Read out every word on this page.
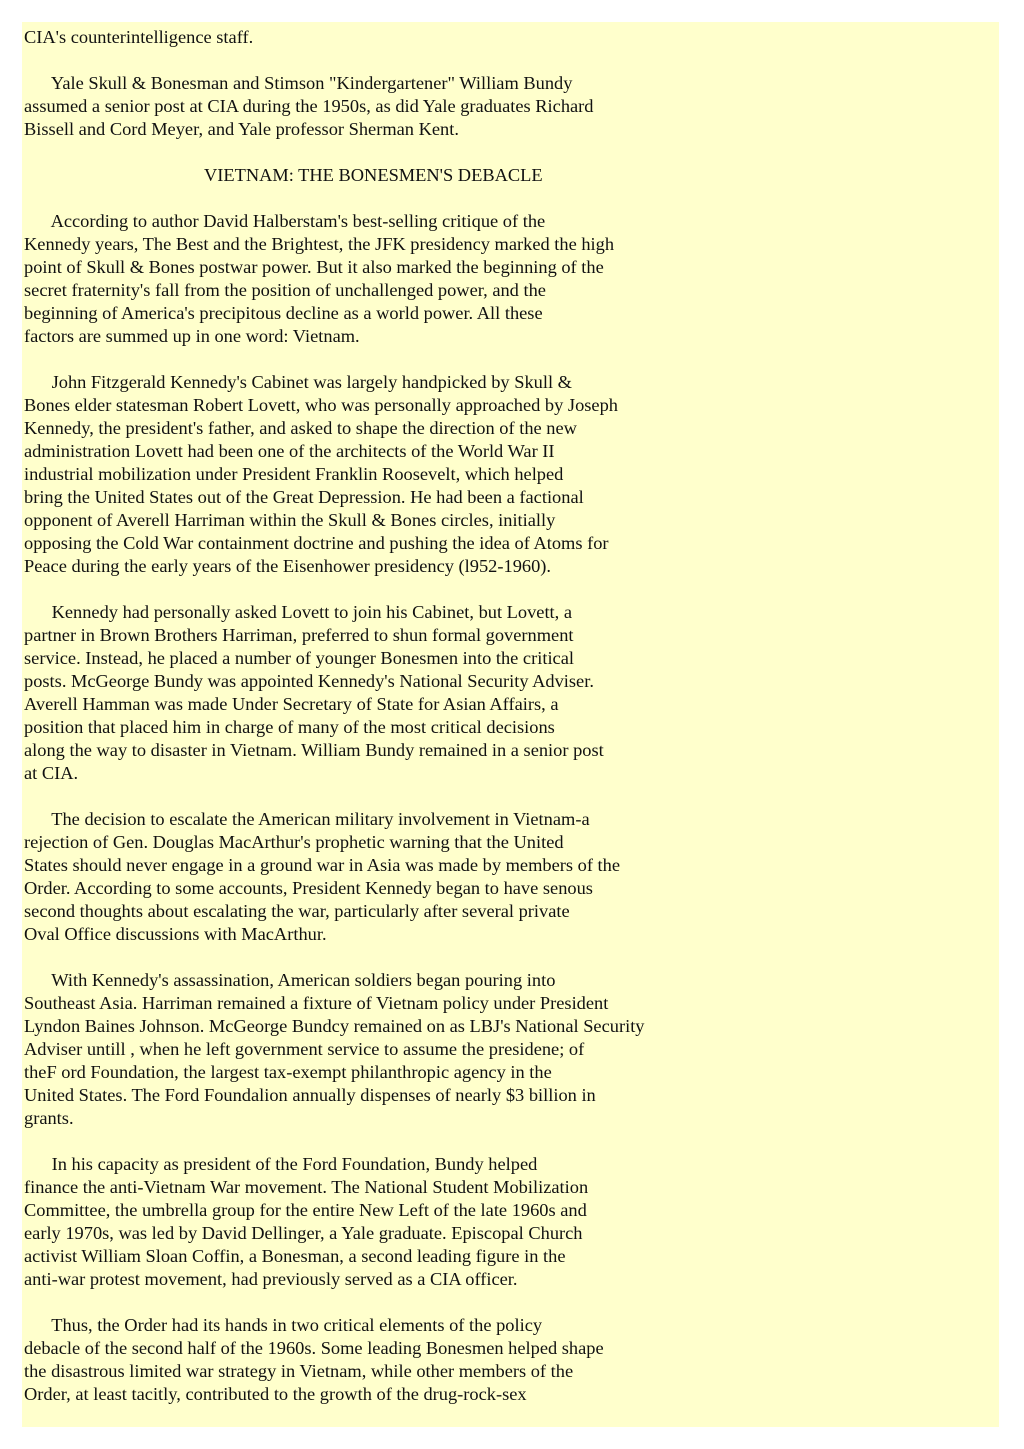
CIA's counterintelligence staff.
Yale Skull & Bonesman and Stimson "Kindergartener" William Bundy
assumed a senior post at CIA during the 1950s, as did Yale graduates Richard
Bissell and Cord Meyer, and Yale professor Sherman Kent.
VIETNAM: THE BONESMEN'S DEBACLE
According to author David Halberstam's best-selling critique of the
Kennedy years, The Best and the Brightest, the JFK presidency marked the high
point of Skull & Bones postwar power. But it also marked the beginning of the
secret fraternity's fall from the position of unchallenged power, and the
beginning of America's precipitous decline as a world power. All these
factors are summed up in one word: Vietnam.
John Fitzgerald Kennedy's Cabinet was largely handpicked by Skull &
Bones elder statesman Robert Lovett, who was personally approached by Joseph
Kennedy, the president's father, and asked to shape the direction of the new
administration Lovett had been one of the architects of the World War II
industrial mobilization under President Franklin Roosevelt, which helped
bring the United States out of the Great Depression. He had been a factional
opponent of Averell Harriman within the Skull & Bones circles, initially
opposing the Cold War containment doctrine and pushing the idea of Atoms for
Peace during the early years of the Eisenhower presidency (l952-1960).
Kennedy had personally asked Lovett to join his Cabinet, but Lovett, a
partner in Brown Brothers Harriman, preferred to shun formal government
service. Instead, he placed a number of younger Bonesmen into the critical
posts. McGeorge Bundy was appointed Kennedy's National Security Adviser.
Averell Hamman was made Under Secretary of State for Asian Affairs, a
position that placed him in charge of many of the most critical decisions
along the way to disaster in Vietnam. William Bundy remained in a senior post
at CIA.
The decision to escalate the American military involvement in Vietnam-a
rejection of Gen. Douglas MacArthur's prophetic warning that the United
States should never engage in a ground war in Asia was made by members of the
Order. According to some accounts, President Kennedy began to have senous
second thoughts about escalating the war, particularly after several private
Oval Office discussions with MacArthur.
With Kennedy's assassination, American soldiers began pouring into
Southeast Asia. Harriman remained a fixture of Vietnam policy under President
Lyndon Baines Johnson. McGeorge Bundcy remained on as LBJ's National Security
Adviser untill , when he left government service to assume the presidene; of
theF ord Foundation, the largest tax-exempt philanthropic agency in the
United States. The Ford Foundalion annually dispenses of nearly $3 billion in
grants.
In his capacity as president of the Ford Foundation, Bundy helped
finance the anti-Vietnam War movement. The National Student Mobilization
Committee, the umbrella group for the entire New Left of the late 1960s and
early 1970s, was led by David Dellinger, a Yale graduate. Episcopal Church
activist William Sloan Coffin, a Bonesman, a second leading figure in the
anti-war protest movement, had previously served as a CIA officer.
Thus, the Order had its hands in two critical elements of the policy
debacle of the second half of the 1960s. Some leading Bonesmen helped shape
the disastrous limited war strategy in Vietnam, while other members of the
Order, at least tacitly, contributed to the growth of the drug-rock-sex
